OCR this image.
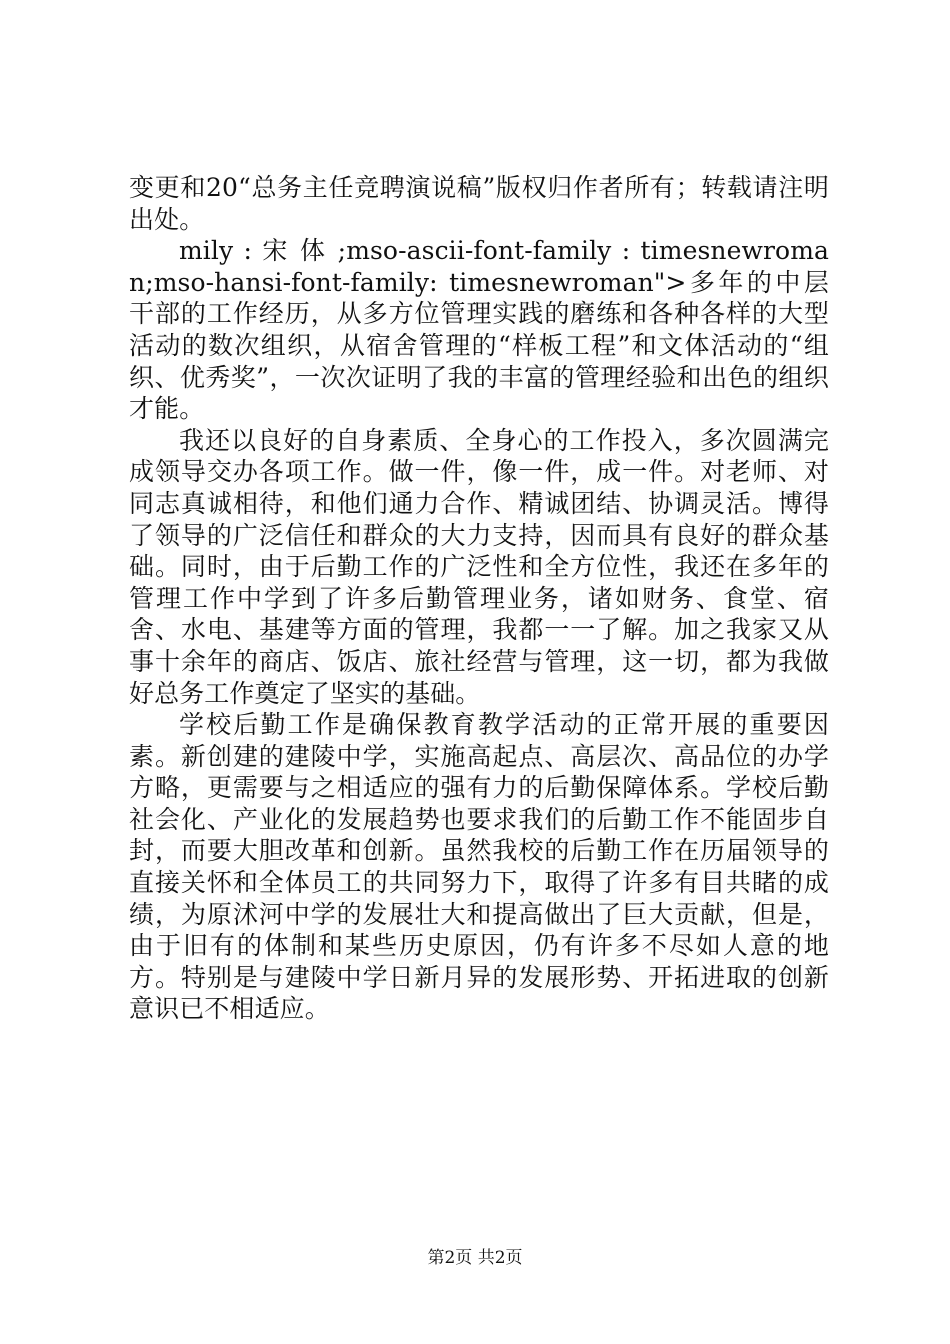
变更和20“总务主任竞聘演说稿”版权归作者所有；转载请注明出处。

mily : 宋 体 ;mso-ascii-font-family : timesnewroman;mso-hansi-font-family: timesnewroman">多年的中层干部的工作经历，从多方位管理实践的磨练和各种各样的大型活动的数次组织，从宿舍管理的“样板工程”和文体活动的“组织、优秀奖”，一次次证明了我的丰富的管理经验和出色的组织才能。

我还以良好的自身素质、全身心的工作投入，多次圆满完成领导交办各项工作。做一件，像一件，成一件。对老师、对同志真诚相待，和他们通力合作、精诚团结、协调灵活。博得了领导的广泛信任和群众的大力支持，因而具有良好的群众基础。同时，由于后勤工作的广泛性和全方位性，我还在多年的管理工作中学到了许多后勤管理业务，诸如财务、食堂、宿舍、水电、基建等方面的管理，我都一一了解。加之我家又从事十余年的商店、饭店、旅社经营与管理，这一切，都为我做好总务工作奠定了坚实的基础。

学校后勤工作是确保教育教学活动的正常开展的重要因素。新创建的建陵中学，实施高起点、高层次、高品位的办学方略，更需要与之相适应的强有力的后勤保障体系。学校后勤社会化、产业化的发展趋势也要求我们的后勤工作不能固步自封，而要大胆改革和创新。虽然我校的后勤工作在历届领导的直接关怀和全体员工的共同努力下，取得了许多有目共睹的成绩，为原沭河中学的发展壮大和提高做出了巨大贡献，但是，由于旧有的体制和某些历史原因，仍有许多不尽如人意的地方。特别是与建陵中学日新月异的发展形势、开拓进取的创新意识已不相适应。

第2页 共2页
